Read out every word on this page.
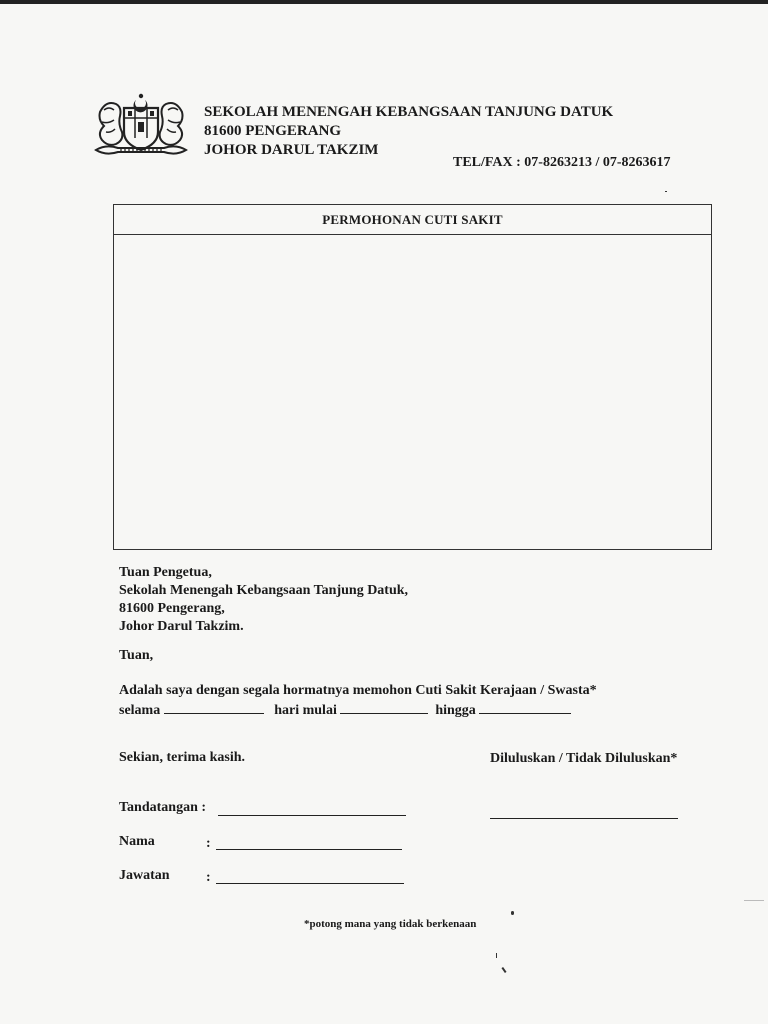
SEKOLAH MENENGAH KEBANGSAAN TANJUNG DATUK
81600 PENGERANG
JOHOR DARUL TAKZIM
TEL/FAX : 07-8263213 / 07-8263617
PERMOHONAN CUTI SAKIT
Tuan Pengetua,
Sekolah Menengah Kebangsaan Tanjung Datuk,
81600 Pengerang,
Johor Darul Takzim.
Tuan,
Adalah saya dengan segala hormatnya memohon Cuti Sakit Kerajaan / Swasta*
selama	hari mulai	hingga
Sekian, terima kasih.	Diluluskan / Tidak Diluluskan*
Tandatangan :
Nama	:
Jawatan	:
*potong mana yang tidak berkenaan
